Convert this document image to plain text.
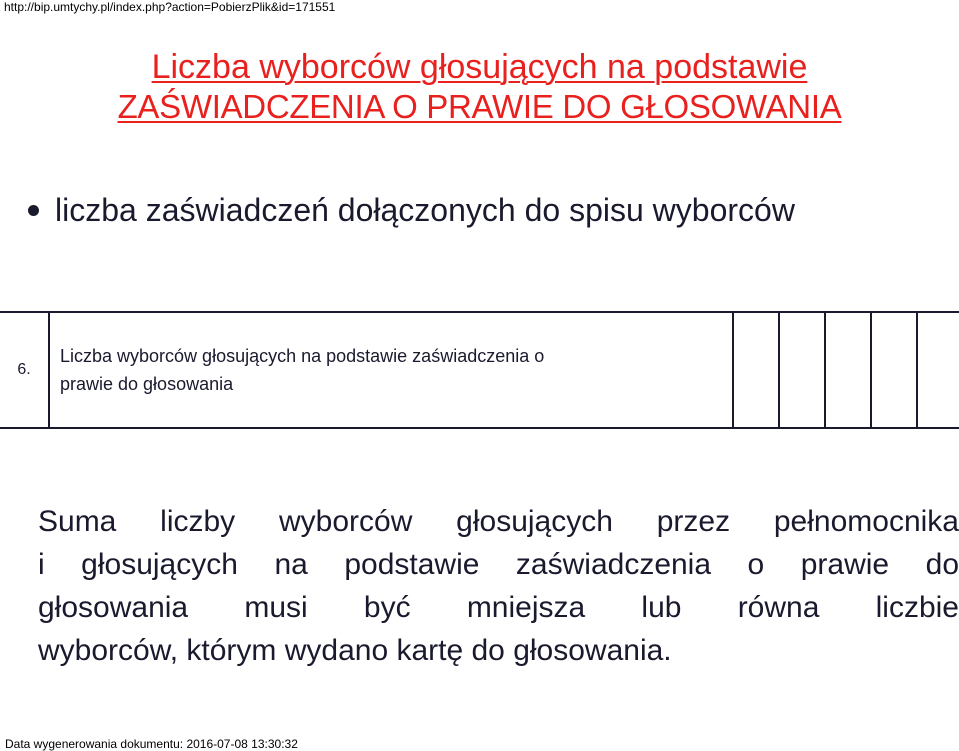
http://bip.umtychy.pl/index.php?action=PobierzPlik&id=171551
Liczba wyborców głosujących na podstawie
ZAŚWIADCZENIA O PRAWIE DO GŁOSOWANIA
liczba zaświadczeń dołączonych do spisu wyborców
6.	
Liczba wyborców głosujących na podstawie zaświadczenia o
prawie do głosowania

Suma liczby wyborców głosujących przez pełnomocnika
i głosujących na podstawie zaświadczenia o prawie do
głosowania musi być mniejsza lub równa liczbie
wyborców, którym wydano kartę do głosowania.
Data wygenerowania dokumentu: 2016-07-08 13:30:32
